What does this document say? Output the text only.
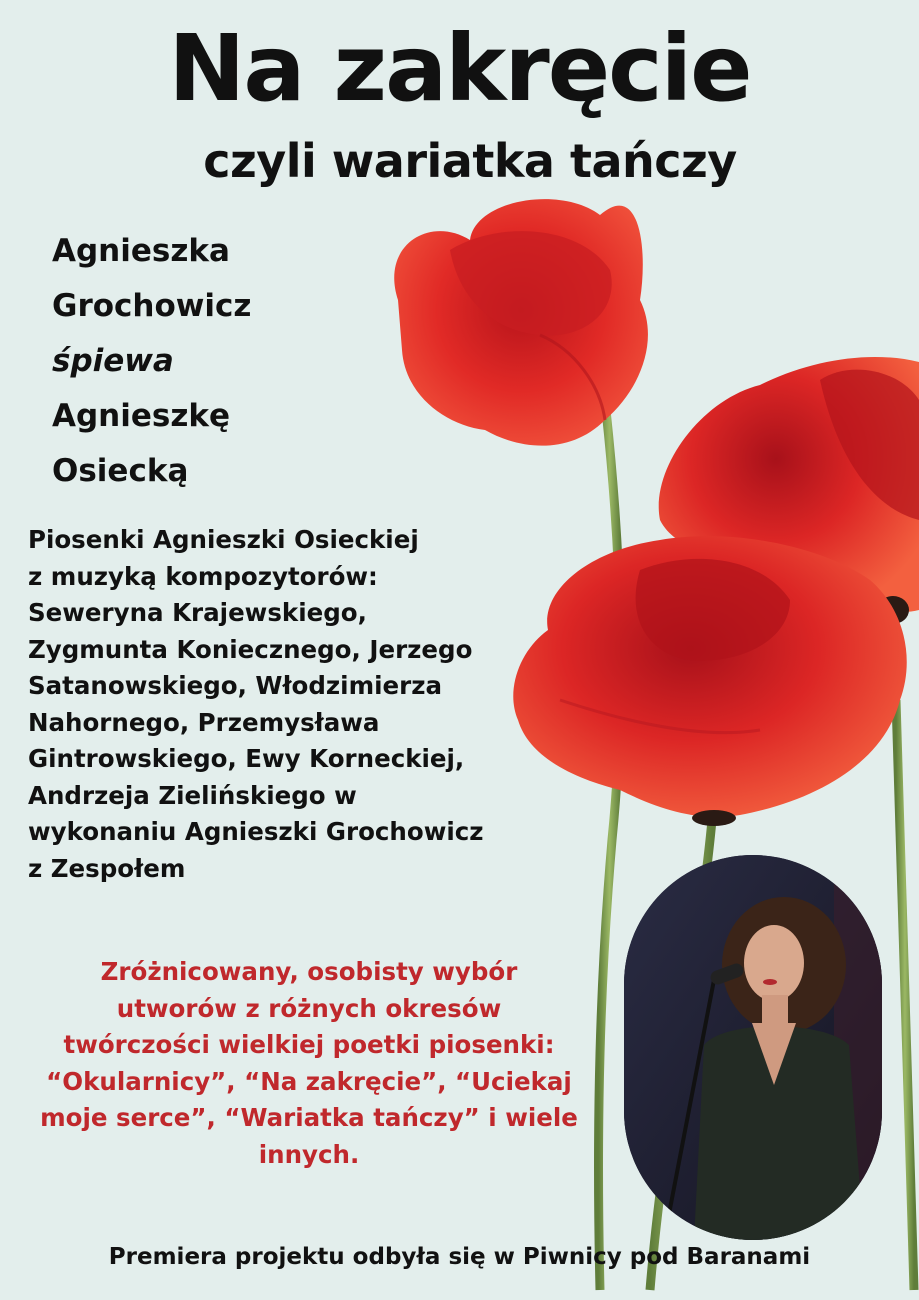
Na zakręcie
czyli wariatka tańczy
Agnieszka
Grochowicz
śpiewa
Agnieszkę
Osiecką
Piosenki Agnieszki Osieckiej
z muzyką kompozytorów:
Seweryna Krajewskiego,
Zygmunta Koniecznego, Jerzego
Satanowskiego, Włodzimierza
Nahornego, Przemysława
Gintrowskiego, Ewy Korneckiej,
Andrzeja Zielińskiego w
wykonaniu Agnieszki Grochowicz
z Zespołem
Zróżnicowany, osobisty wybór
utworów z różnych okresów
twórczości wielkiej poetki piosenki:
“Okularnicy”, “Na zakręcie”, “Uciekaj
moje serce”, “Wariatka tańczy” i wiele
innych.
Premiera projektu odbyła się w Piwnicy pod Baranami
